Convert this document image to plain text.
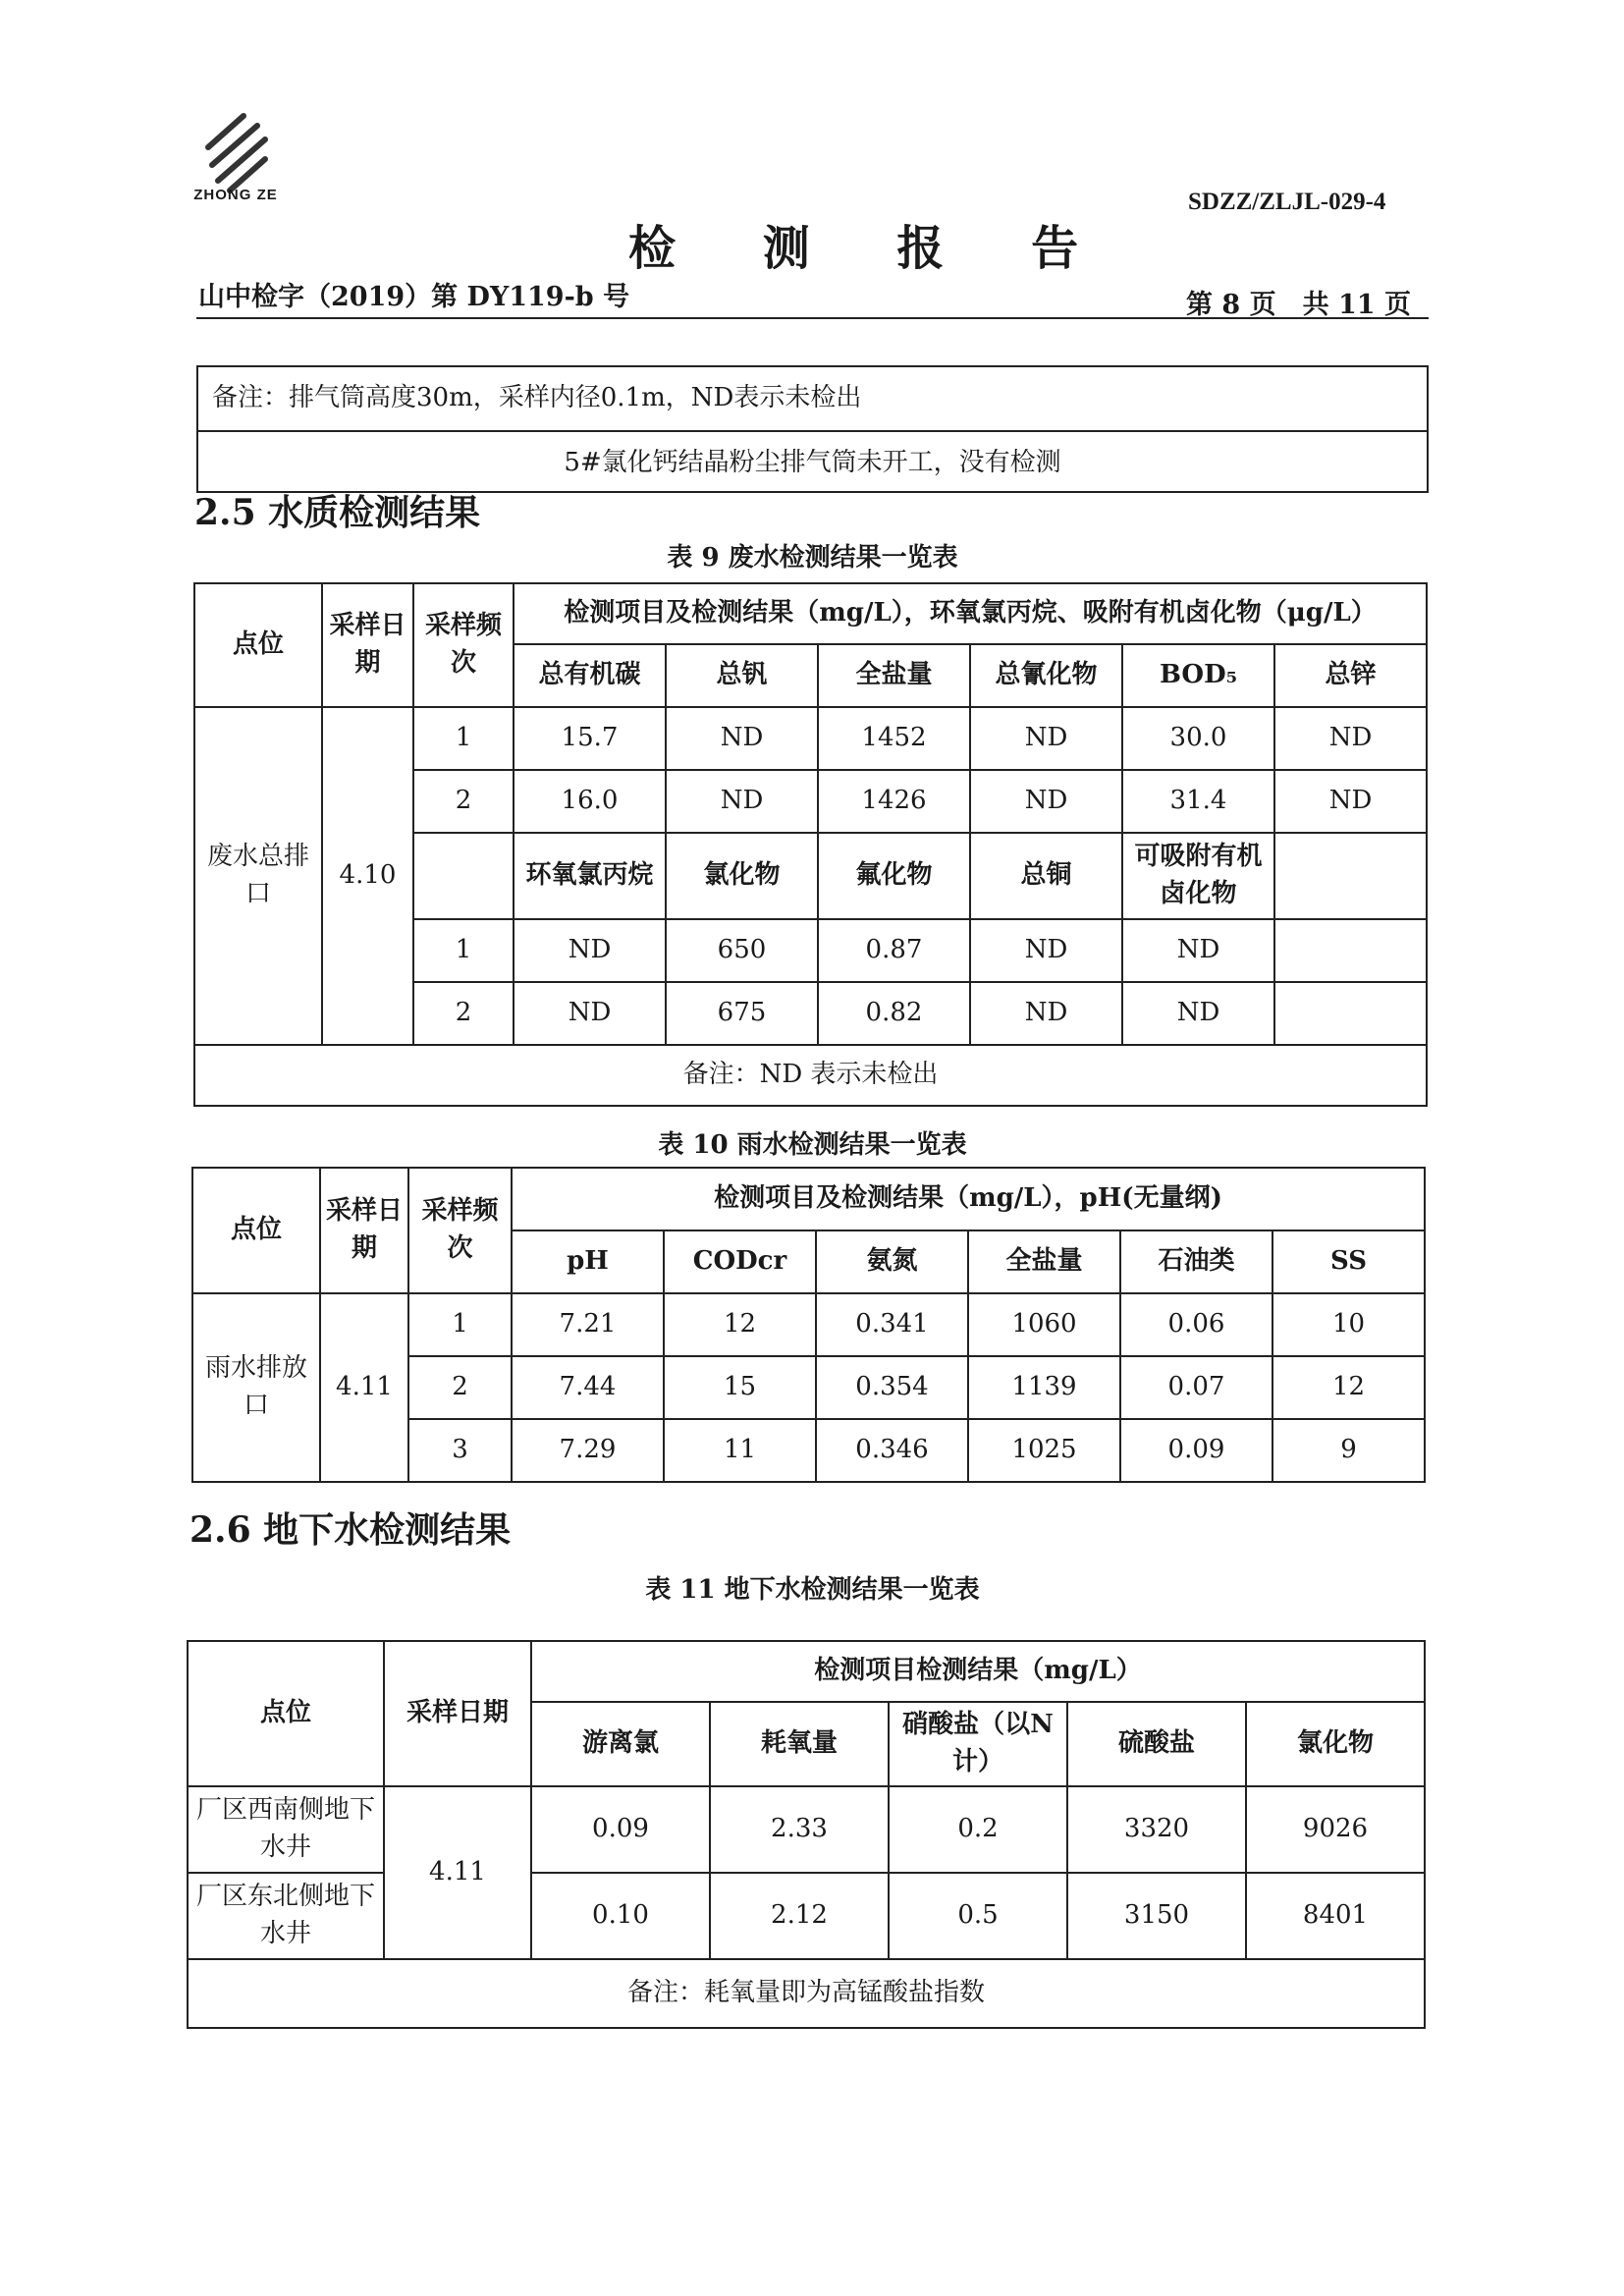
ZHONG ZE	SDZZ/ZLJL-029-4
检 测 报 告
山中检字（2019）第 DY119-b 号	第 8 页　共 11 页
备注：排气筒高度30m，采样内径0.1m，ND表示未检出
5#氯化钙结晶粉尘排气筒未开工，没有检测
2.5 水质检测结果
表 9 废水检测结果一览表
点位	采样日期	采样频次	检测项目及检测结果（mg/L），环氧氯丙烷、吸附有机卤化物（μg/L）					
			总有机碳	总钒	全盐量	总氰化物	BOD₅	总锌
废水总排口	4.10	1	15.7	ND	1452	ND	30.0	ND
		2	16.0	ND	1426	ND	31.4	ND
			环氧氯丙烷	氯化物	氟化物	总铜	可吸附有机卤化物	
		1	ND	650	0.87	ND	ND	
		2	ND	675	0.82	ND	ND	
备注：ND 表示未检出								
表 10 雨水检测结果一览表
点位	采样日期	采样频次	检测项目及检测结果（mg/L），pH(无量纲)					
			pH	CODcr	氨氮	全盐量	石油类	SS
雨水排放口	4.11	1	7.21	12	0.341	1060	0.06	10
		2	7.44	15	0.354	1139	0.07	12
		3	7.29	11	0.346	1025	0.09	9
2.6 地下水检测结果
表 11 地下水检测结果一览表
点位	采样日期	检测项目检测结果（mg/L）				
		游离氯	耗氧量	硝酸盐（以N计）	硫酸盐	氯化物
厂区西南侧地下水井	4.11	0.09	2.33	0.2	3320	9026
厂区东北侧地下水井		0.10	2.12	0.5	3150	8401
备注：耗氧量即为高锰酸盐指数						
